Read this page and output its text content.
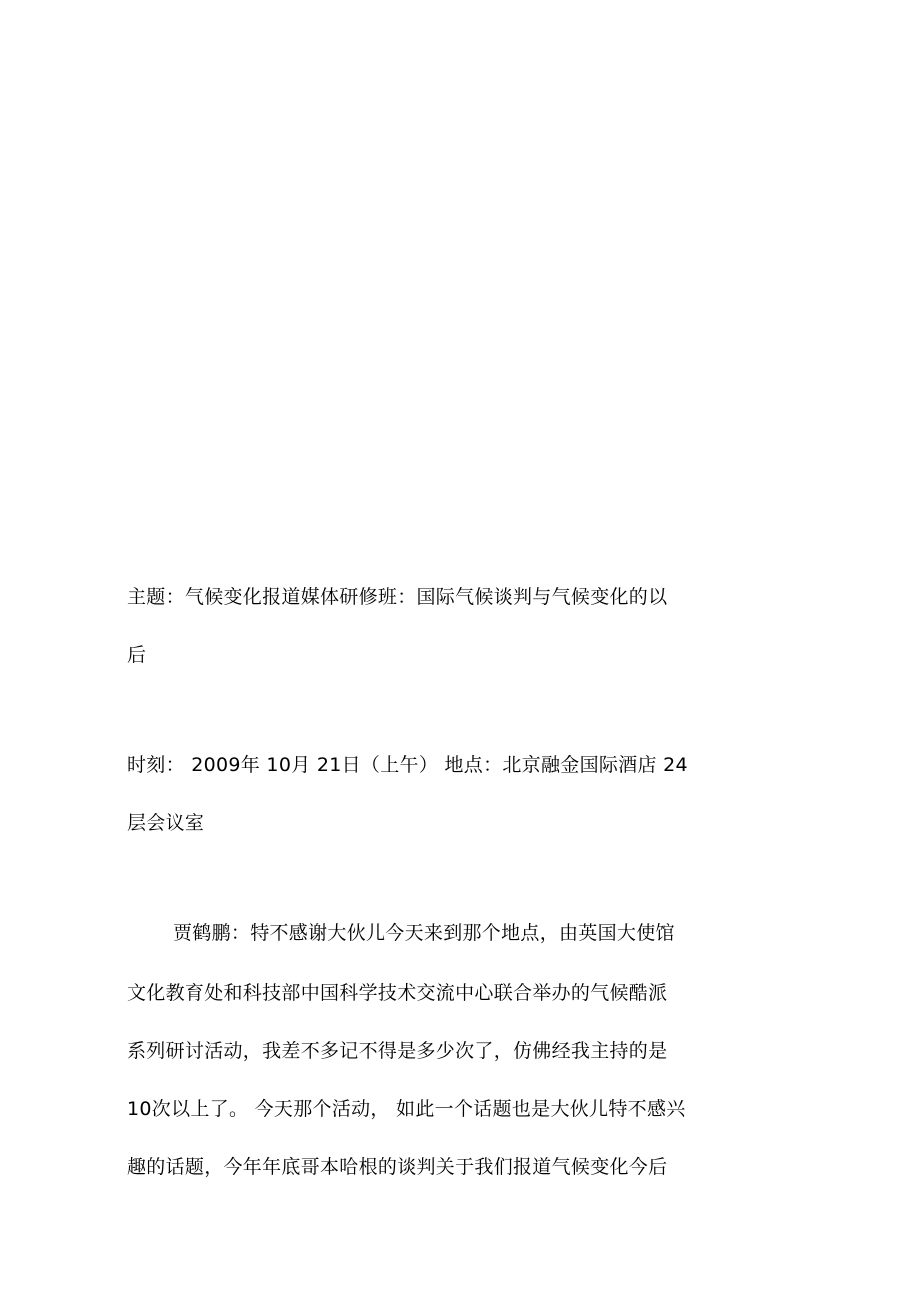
主题：气候变化报道媒体研修班：国际气候谈判与气候变化的以
后
时刻： 2009年 10月 21日（上午） 地点：北京融金国际酒店 24
层会议室
贾鹤鹏：特不感谢大伙儿今天来到那个地点，由英国大使馆
文化教育处和科技部中国科学技术交流中心联合举办的气候酷派
系列研讨活动，我差不多记不得是多少次了，仿佛经我主持的是
10次以上了。 今天那个活动， 如此一个话题也是大伙儿特不感兴
趣的话题，今年年底哥本哈根的谈判关于我们报道气候变化今后
